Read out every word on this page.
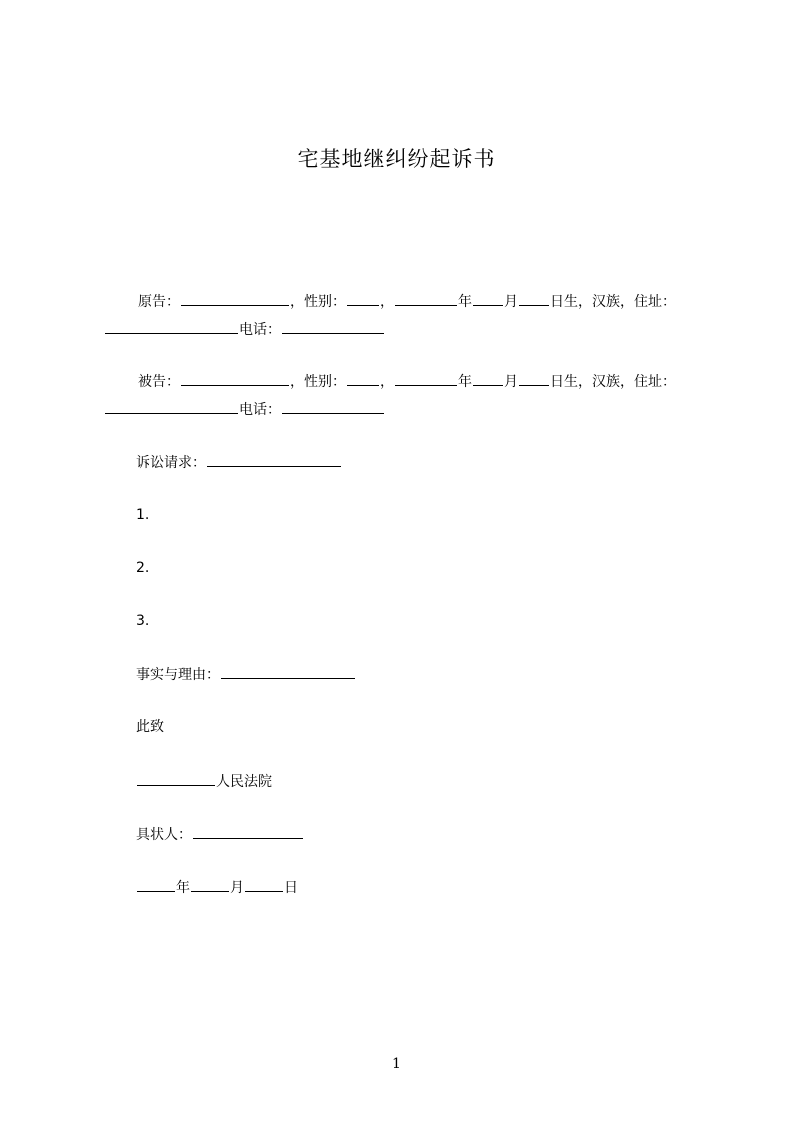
宅基地继纠纷起诉书
原告：	，性别： ，	年 月 日生，汉族，住址：
电话：
被告：	，性别： ，	年 月 日生，汉族，住址：
电话：
诉讼请求：
1.
2.
3.
事实与理由：
此致
人民法院
具状人：
年	月	日
1
